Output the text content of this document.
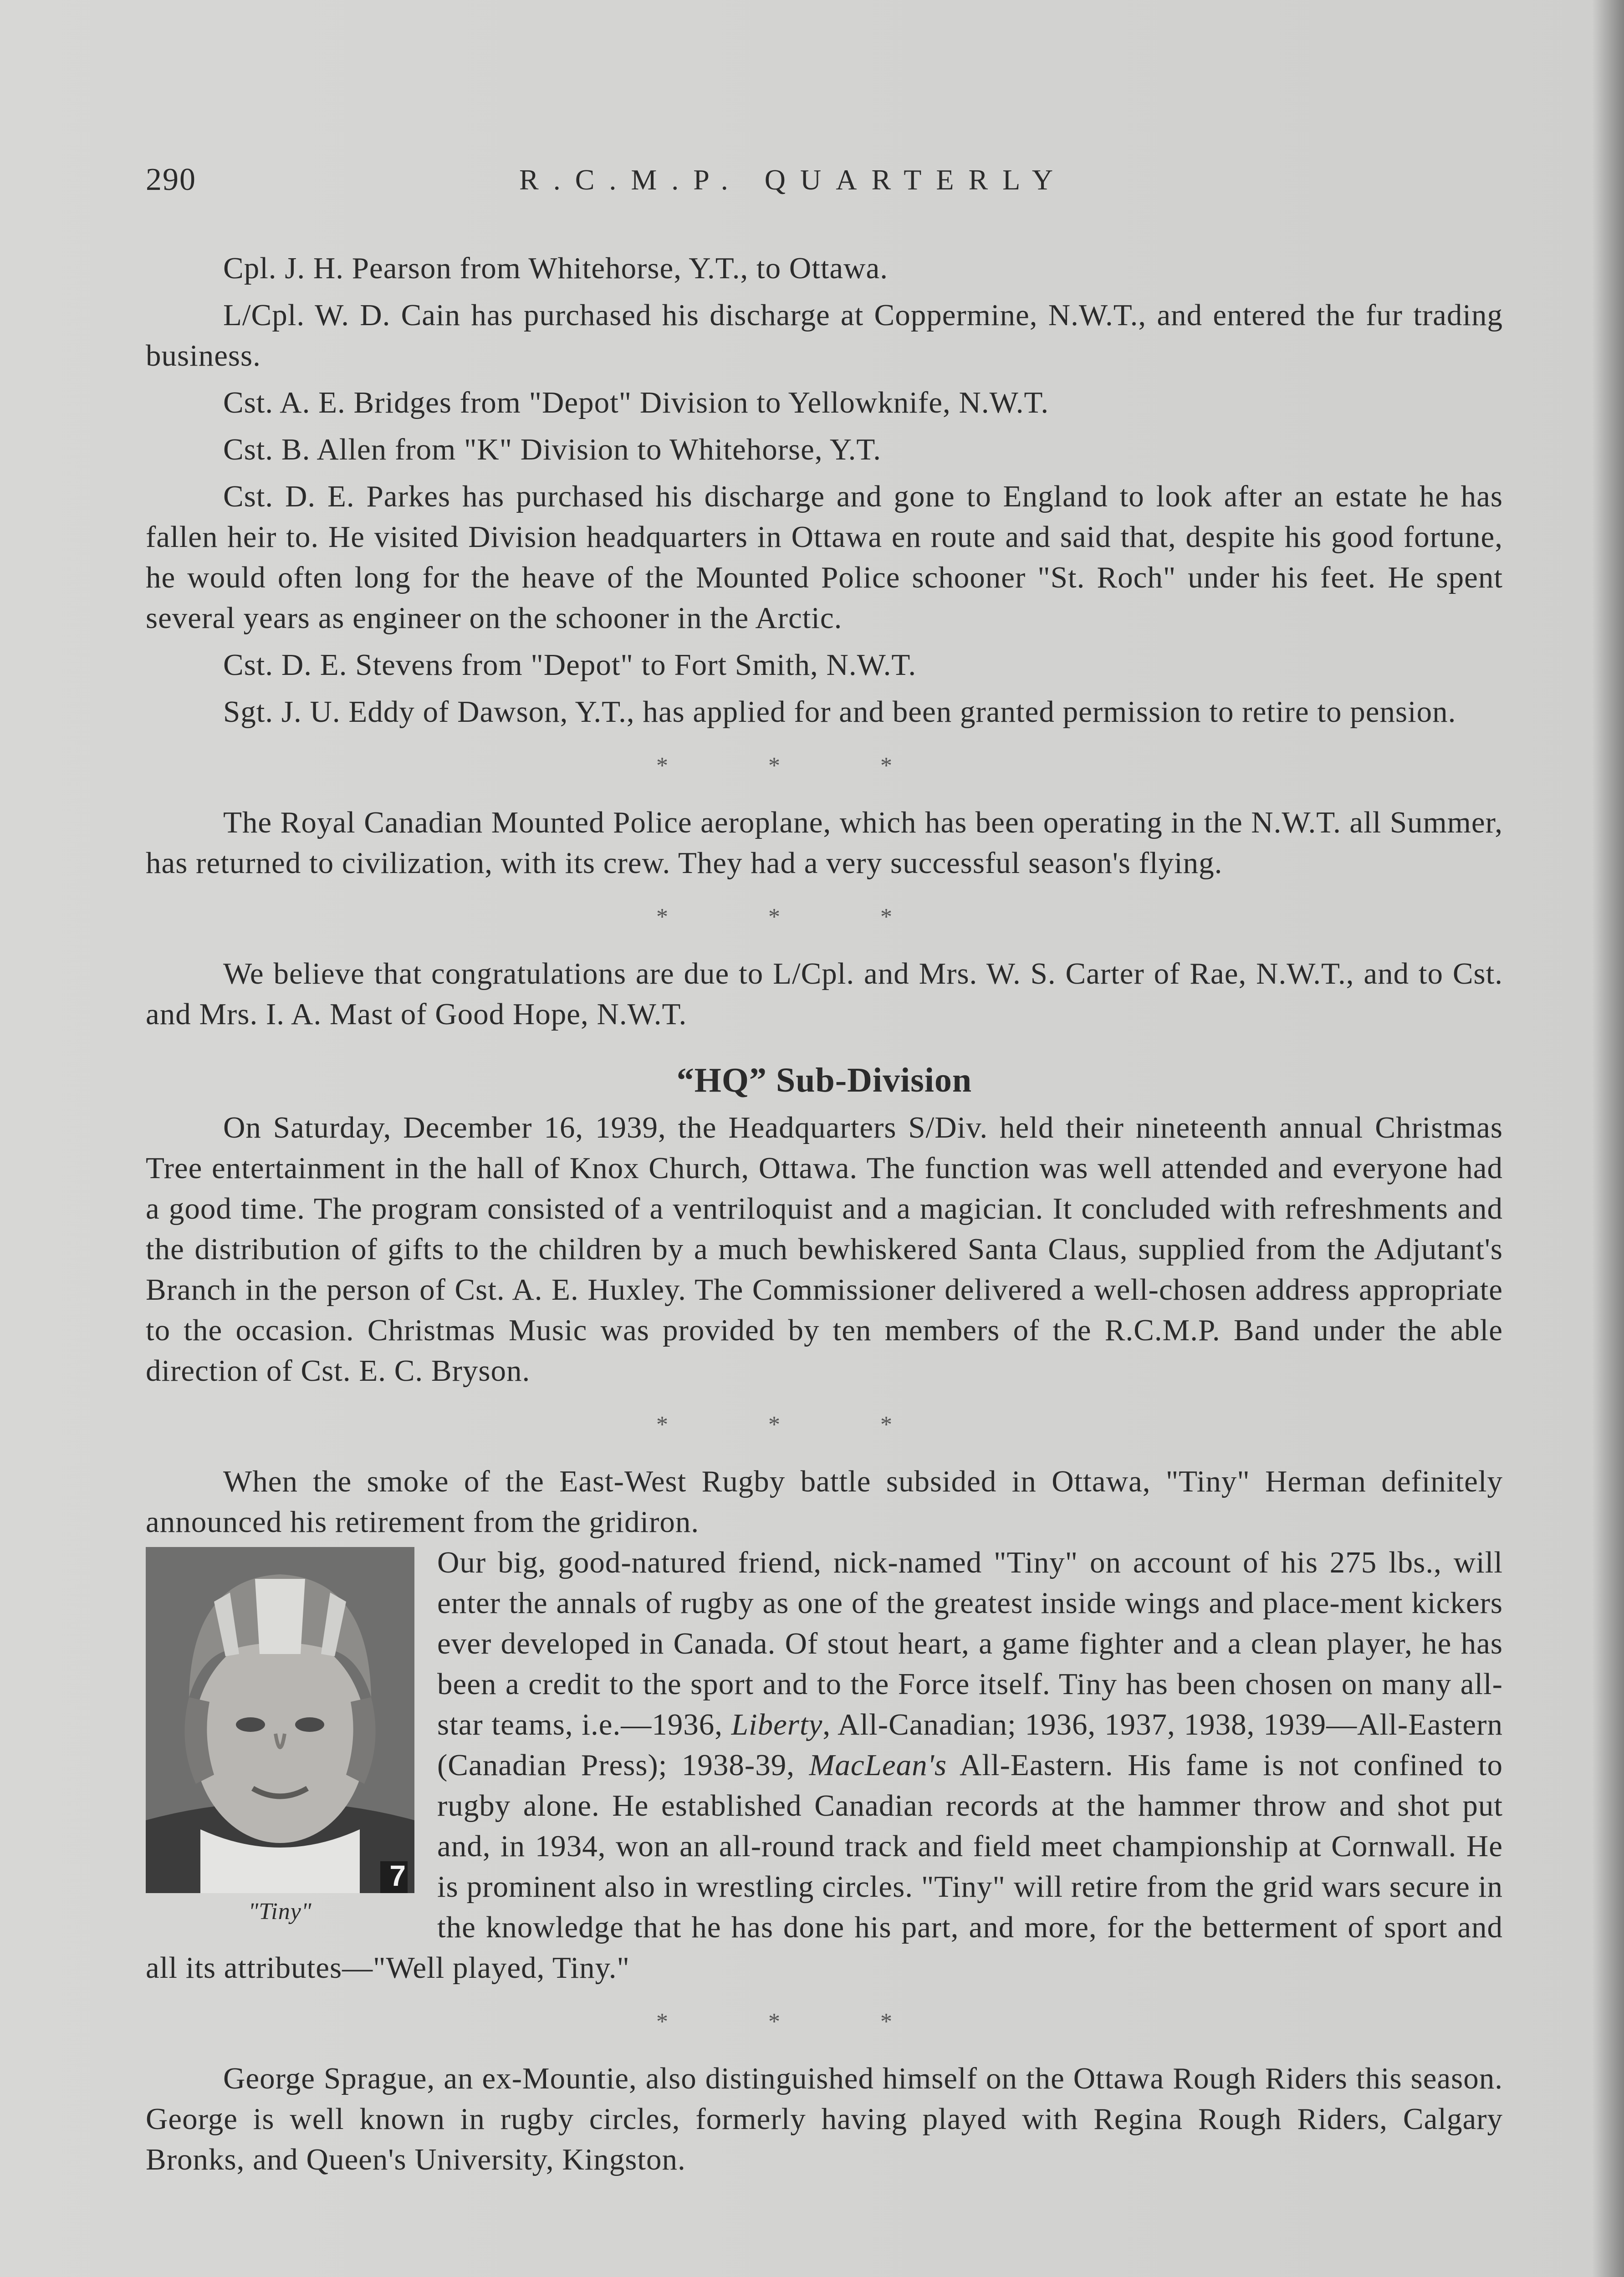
290	R.C.M.P. QUARTERLY

Cpl. J. H. Pearson from Whitehorse, Y.T., to Ottawa.

L/Cpl. W. D. Cain has purchased his discharge at Coppermine, N.W.T., and entered the fur trading business.

Cst. A. E. Bridges from "Depot" Division to Yellowknife, N.W.T.

Cst. B. Allen from "K" Division to Whitehorse, Y.T.

Cst. D. E. Parkes has purchased his discharge and gone to England to look after an estate he has fallen heir to. He visited Division headquarters in Ottawa en route and said that, despite his good fortune, he would often long for the heave of the Mounted Police schooner "St. Roch" under his feet. He spent several years as engineer on the schooner in the Arctic.

Cst. D. E. Stevens from "Depot" to Fort Smith, N.W.T.

Sgt. J. U. Eddy of Dawson, Y.T., has applied for and been granted permission to retire to pension.

***

The Royal Canadian Mounted Police aeroplane, which has been operating in the N.W.T. all Summer, has returned to civilization, with its crew. They had a very successful season's flying.

***

We believe that congratulations are due to L/Cpl. and Mrs. W. S. Carter of Rae, N.W.T., and to Cst. and Mrs. I. A. Mast of Good Hope, N.W.T.

“HQ” Sub-Division

On Saturday, December 16, 1939, the Headquarters S/Div. held their nineteenth annual Christmas Tree entertainment in the hall of Knox Church, Ottawa. The function was well attended and everyone had a good time. The program consisted of a ventriloquist and a magician. It concluded with refreshments and the distribution of gifts to the children by a much bewhiskered Santa Claus, supplied from the Adjutant's Branch in the person of Cst. A. E. Huxley. The Commissioner delivered a well-chosen address appropriate to the occasion. Christmas Music was provided by ten members of the R.C.M.P. Band under the able direction of Cst. E. C. Bryson.

***

When the smoke of the East-West Rugby battle subsided in Ottawa, "Tiny" Herman definitely announced his retirement from the gridiron.

7
"Tiny"
Our big, good-natured friend, nick-named "Tiny" on account of his 275 lbs., will enter the annals of rugby as one of the greatest inside wings and place-ment kickers ever developed in Canada. Of stout heart, a game fighter and a clean player, he has been a credit to the sport and to the Force itself. Tiny has been chosen on many all-star teams, i.e.—1936, Liberty, All-Canadian; 1936, 1937, 1938, 1939—All-Eastern (Canadian Press); 1938-39, MacLean's All-Eastern. His fame is not confined to rugby alone. He established Canadian records at the hammer throw and shot put and, in 1934, won an all-round track and field meet championship at Cornwall. He is prominent also in wrestling circles. "Tiny" will retire from the grid wars secure in the knowledge that he has done his part, and more, for the betterment of sport and all its attributes—"Well played, Tiny."
***

George Sprague, an ex-Mountie, also distinguished himself on the Ottawa Rough Riders this season. George is well known in rugby circles, formerly having played with Regina Rough Riders, Calgary Bronks, and Queen's University, Kingston.
